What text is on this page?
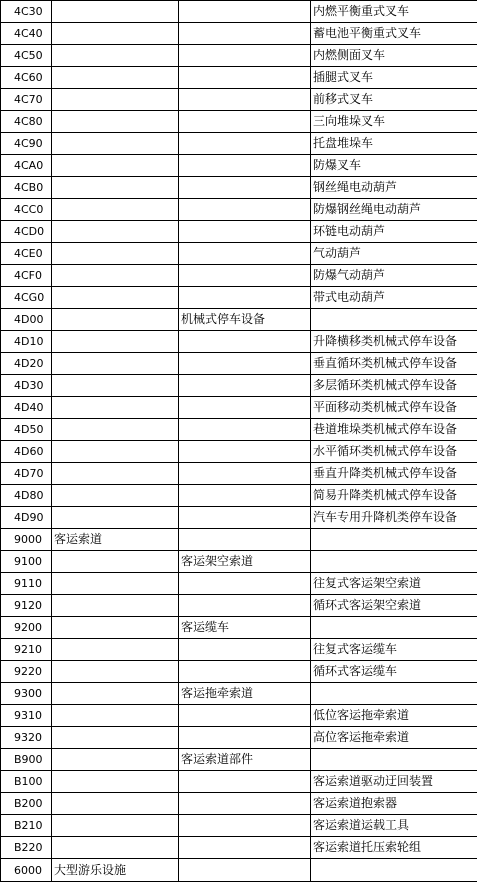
4C30			内燃平衡重式叉车
4C40			蓄电池平衡重式叉车
4C50			内燃侧面叉车
4C60			插腿式叉车
4C70			前移式叉车
4C80			三向堆垛叉车
4C90			托盘堆垛车
4CA0			防爆叉车
4CB0			钢丝绳电动葫芦
4CC0			防爆钢丝绳电动葫芦
4CD0			环链电动葫芦
4CE0			气动葫芦
4CF0			防爆气动葫芦
4CG0			带式电动葫芦
4D00		机械式停车设备	
4D10			升降横移类机械式停车设备
4D20			垂直循环类机械式停车设备
4D30			多层循环类机械式停车设备
4D40			平面移动类机械式停车设备
4D50			巷道堆垛类机械式停车设备
4D60			水平循环类机械式停车设备
4D70			垂直升降类机械式停车设备
4D80			简易升降类机械式停车设备
4D90			汽车专用升降机类停车设备
9000	客运索道		
9100		客运架空索道	
9110			往复式客运架空索道
9120			循环式客运架空索道
9200		客运缆车	
9210			往复式客运缆车
9220			循环式客运缆车
9300		客运拖牵索道	
9310			低位客运拖牵索道
9320			高位客运拖牵索道
B900		客运索道部件	
B100			客运索道驱动迂回装置
B200			客运索道抱索器
B210			客运索道运载工具
B220			客运索道托压索轮组
6000	大型游乐设施		
